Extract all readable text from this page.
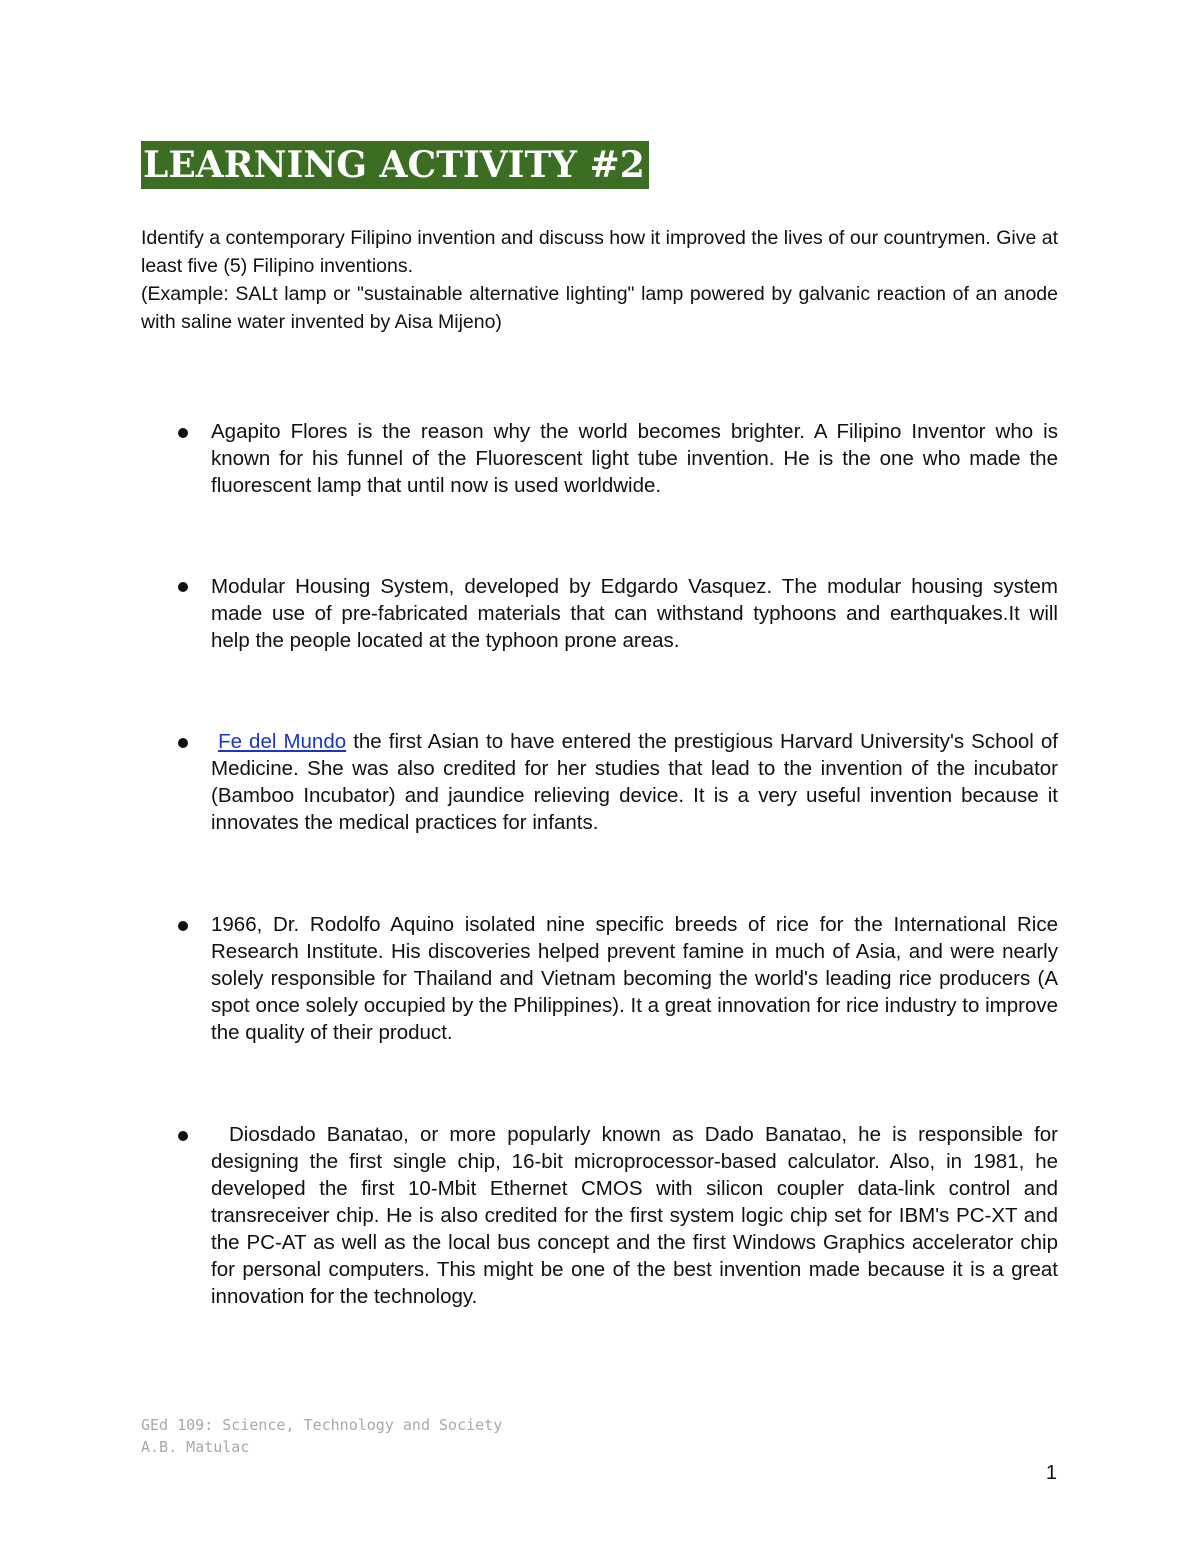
LEARNING ACTIVITY #2

Identify a contemporary Filipino invention and discuss how it improved the lives of our countrymen. Give at least five (5) Filipino inventions.

(Example: SALt lamp or "sustainable alternative lighting" lamp powered by galvanic reaction of an anode with saline water invented by Aisa Mijeno)

Agapito Flores is the reason why the world becomes brighter. A Filipino Inventor who is known for his funnel of the Fluorescent light tube invention. He is the one who made the fluorescent lamp that until now is used worldwide.

Modular Housing System, developed by Edgardo Vasquez. The modular housing system made use of pre-fabricated materials that can withstand typhoons and earthquakes.It will help the people located at the typhoon prone areas.

Fe del Mundo the first Asian to have entered the prestigious Harvard University's School of Medicine. She was also credited for her studies that lead to the invention of the incubator (Bamboo Incubator) and jaundice relieving device. It is a very useful invention because it innovates the medical practices for infants.

1966, Dr. Rodolfo Aquino isolated nine specific breeds of rice for the International Rice Research Institute. His discoveries helped prevent famine in much of Asia, and were nearly solely responsible for Thailand and Vietnam becoming the world's leading rice producers (A spot once solely occupied by the Philippines). It a great innovation for rice industry to improve the quality of their product.

Diosdado Banatao, or more popularly known as Dado Banatao, he is responsible for designing the first single chip, 16-bit microprocessor-based calculator. Also, in 1981, he developed the first 10-Mbit Ethernet CMOS with silicon coupler data-link control and transreceiver chip. He is also credited for the first system logic chip set for IBM's PC-XT and the PC-AT as well as the local bus concept and the first Windows Graphics accelerator chip for personal computers. This might be one of the best invention made because it is a great innovation for the technology.

GEd 109: Science, Technology and Society
A.B. Matulac
1
